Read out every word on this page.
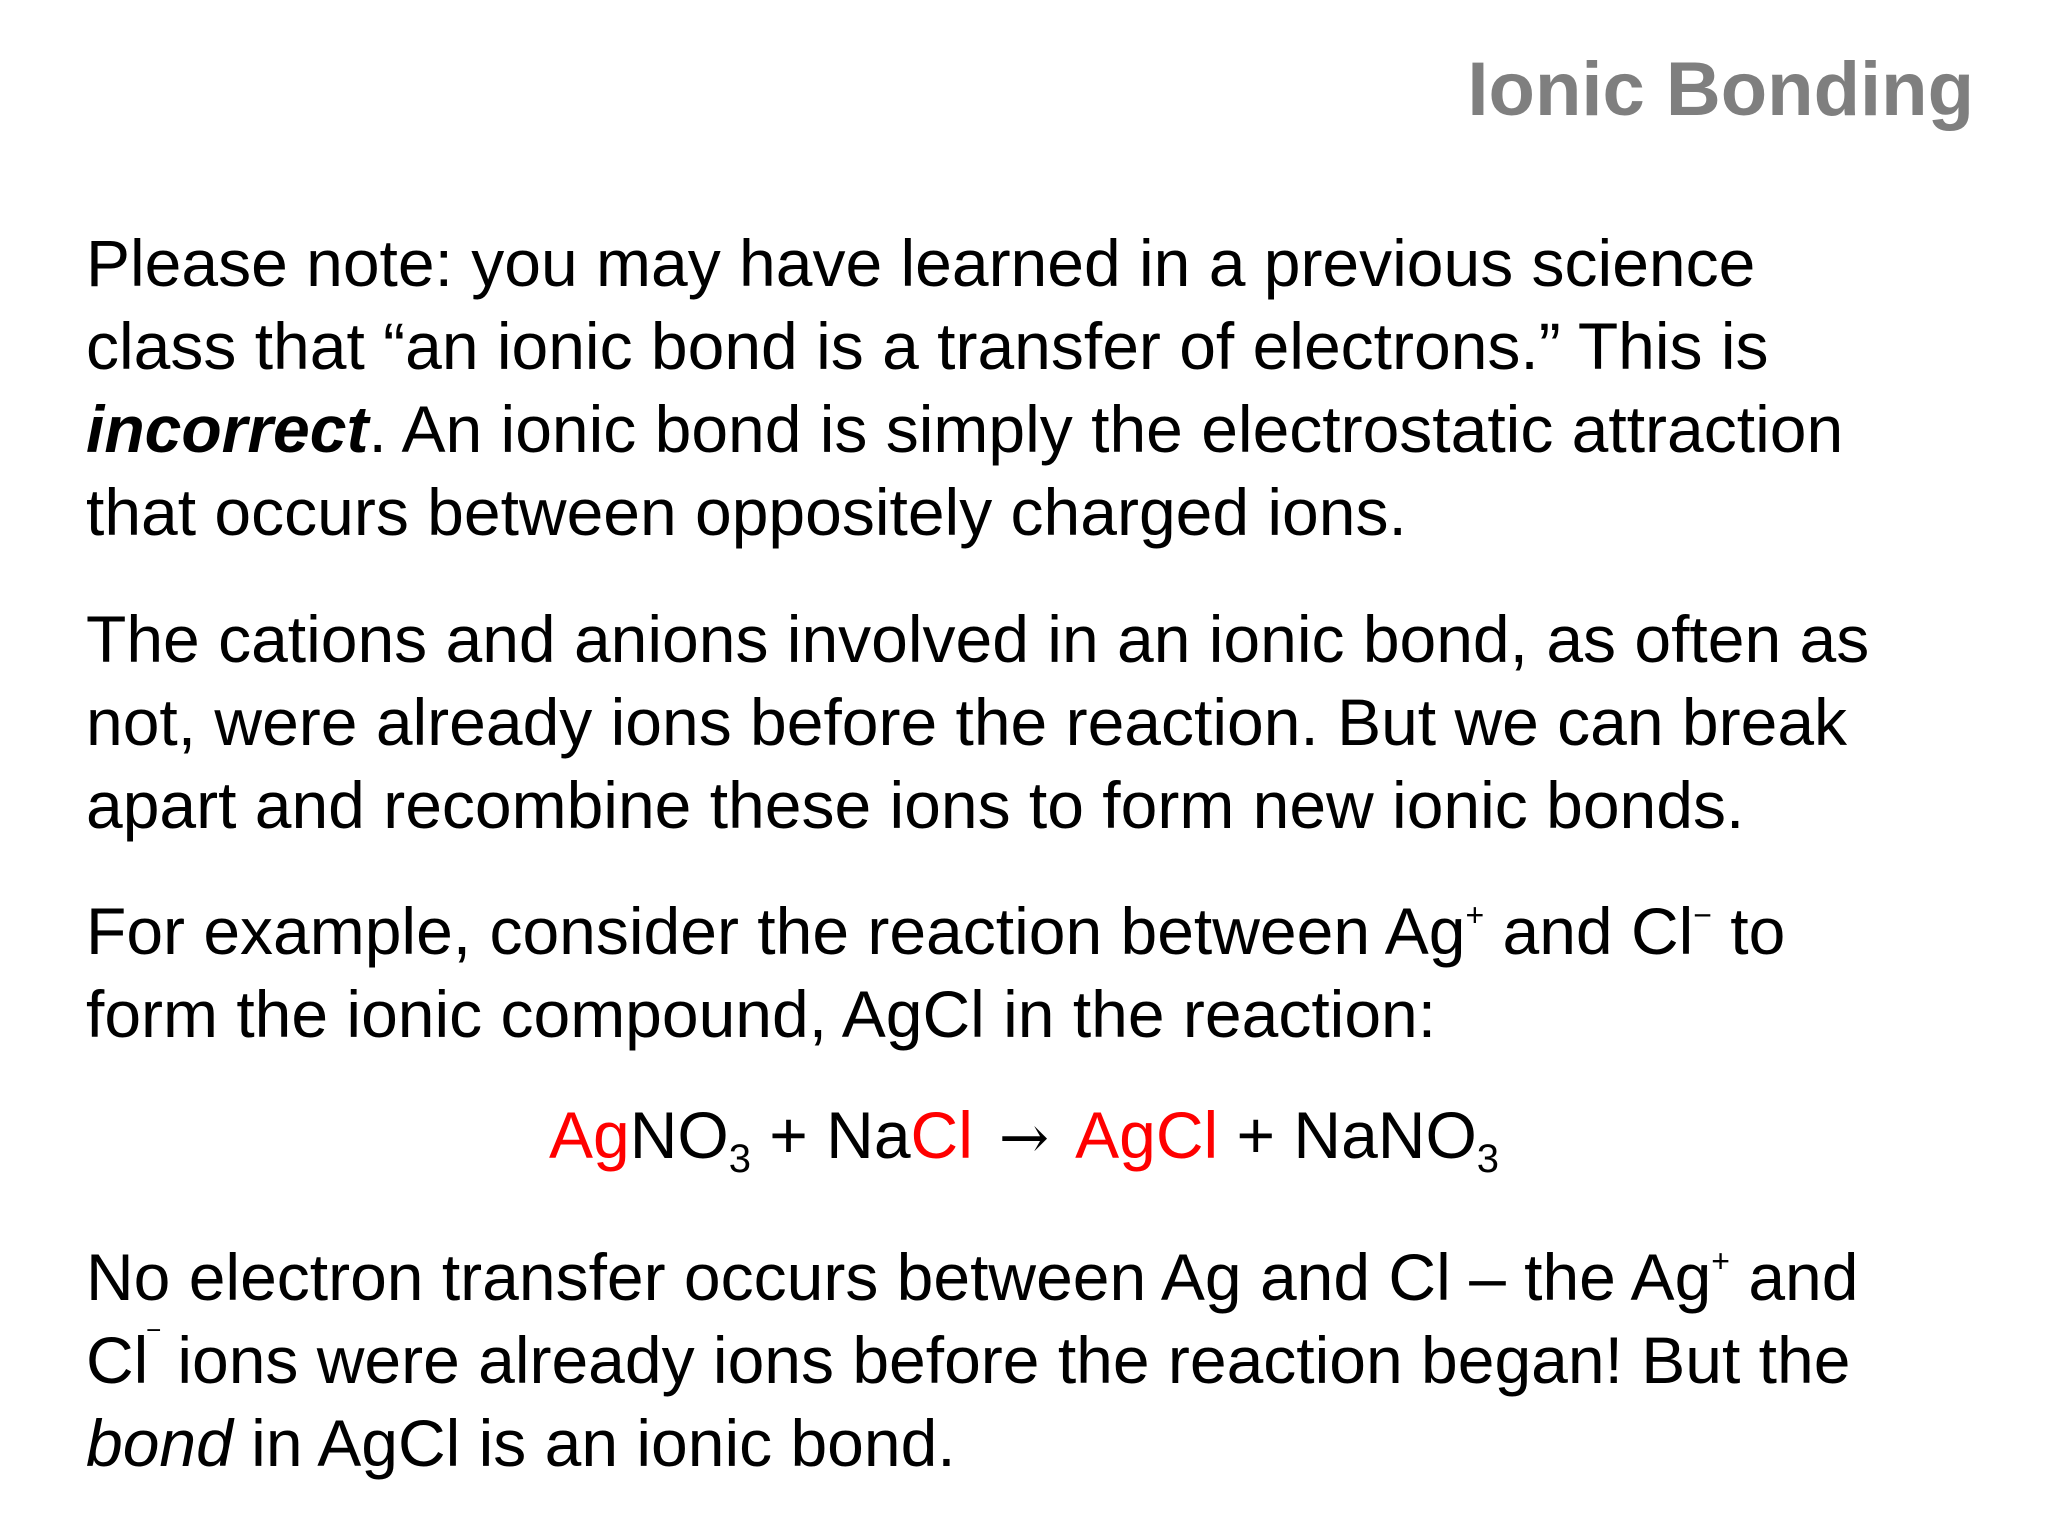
Ionic Bonding
Please note: you may have learned in a previous science
class that “an ionic bond is a transfer of electrons.” This is
incorrect. An ionic bond is simply the electrostatic attraction
that occurs between oppositely charged ions.
The cations and anions involved in an ionic bond, as often as
not, were already ions before the reaction. But we can break
apart and recombine these ions to form new ionic bonds.
For example, consider the reaction between Ag+ and Cl− to
form the ionic compound, AgCl in the reaction:
AgNO$_3$ + NaCl → AgCl + NaNO$_3$
No electron transfer occurs between Ag and Cl – the Ag+ and
Cl‾ ions were already ions before the reaction began! But the
bond in AgCl is an ionic bond.
